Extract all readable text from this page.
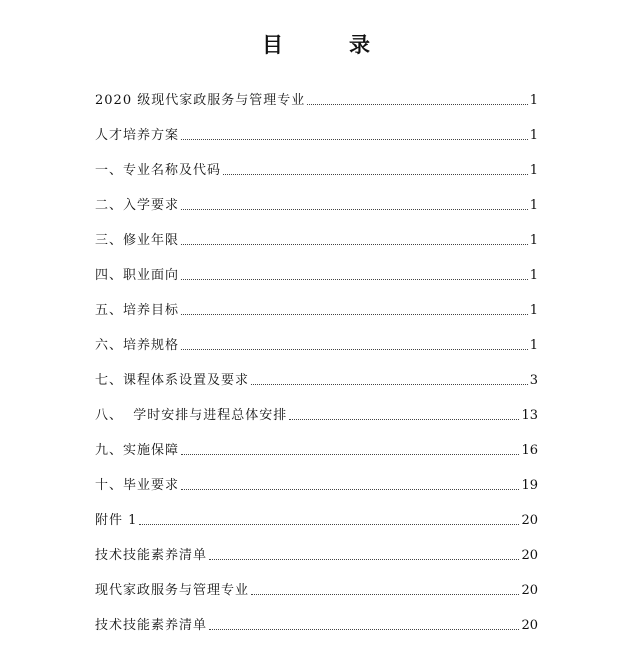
目	录
2020 级现代家政服务与管理专业	1
人才培养方案	1
一、专业名称及代码	1
二、入学要求	1
三、修业年限	1
四、职业面向	1
五、培养目标	1
六、培养规格	1
七、课程体系设置及要求	3
八、  学时安排与进程总体安排	13
九、实施保障	16
十、毕业要求	19
附件 1	20
技术技能素养清单	20
现代家政服务与管理专业	20
技术技能素养清单	20
